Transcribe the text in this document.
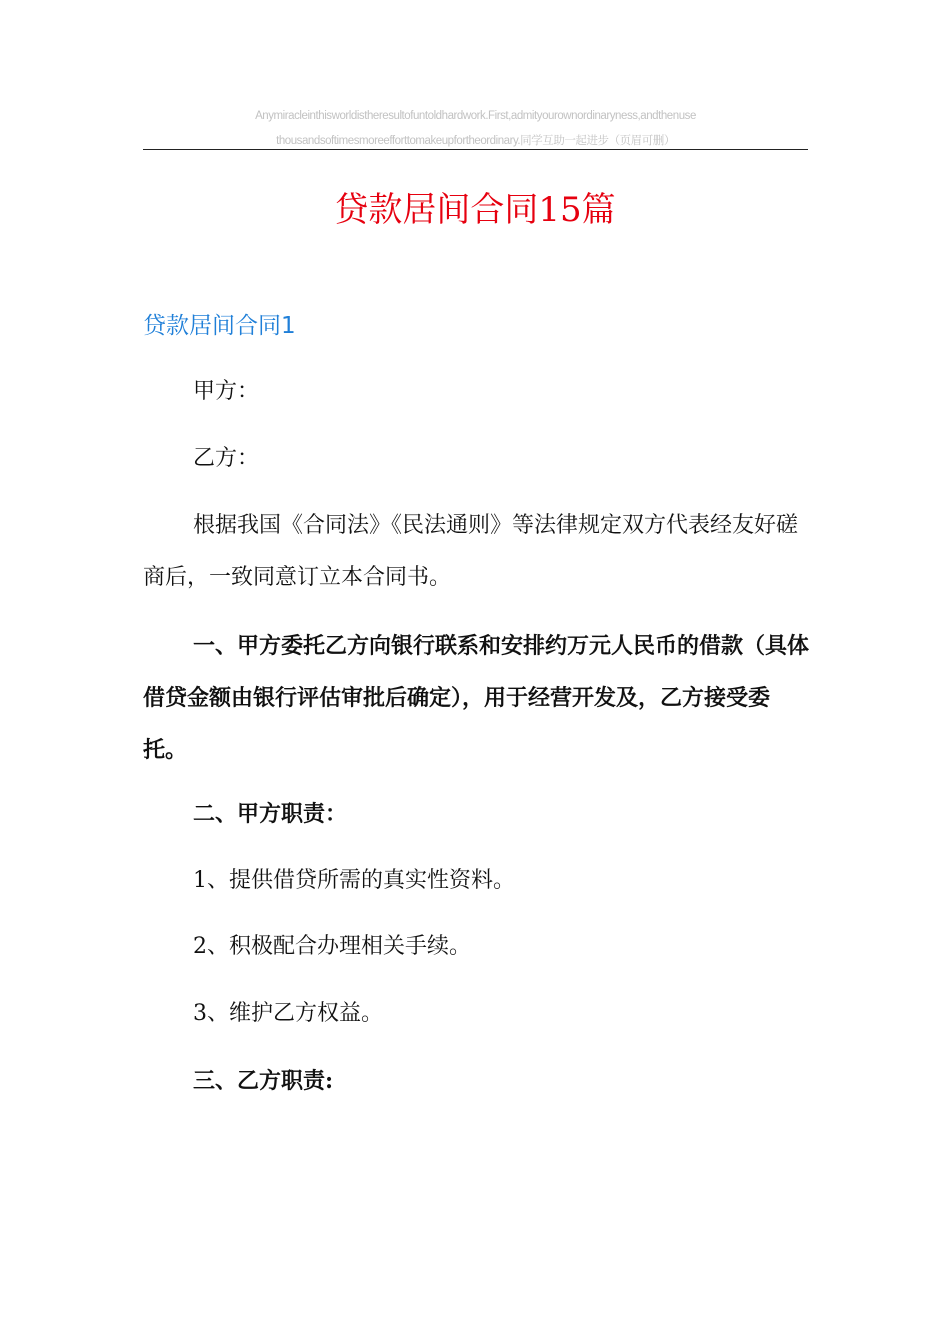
Anymiracleinthisworldistheresultofuntoldhardwork.First,admityourownordinaryness,andthenuse
thousandsoftimesmoreefforttomakeupfortheordinary.同学互助一起进步（页眉可删）
贷款居间合同15篇
贷款居间合同1

甲方：

乙方：

根据我国《合同法》《民法通则》等法律规定双方代表经友好磋商后，一致同意订立本合同书。

一、甲方委托乙方向银行联系和安排约万元人民币的借款（具体借贷金额由银行评估审批后确定），用于经营开发及，乙方接受委托。

二、甲方职责：

1、提供借贷所需的真实性资料。

2、积极配合办理相关手续。

3、维护乙方权益。

三、乙方职责:
